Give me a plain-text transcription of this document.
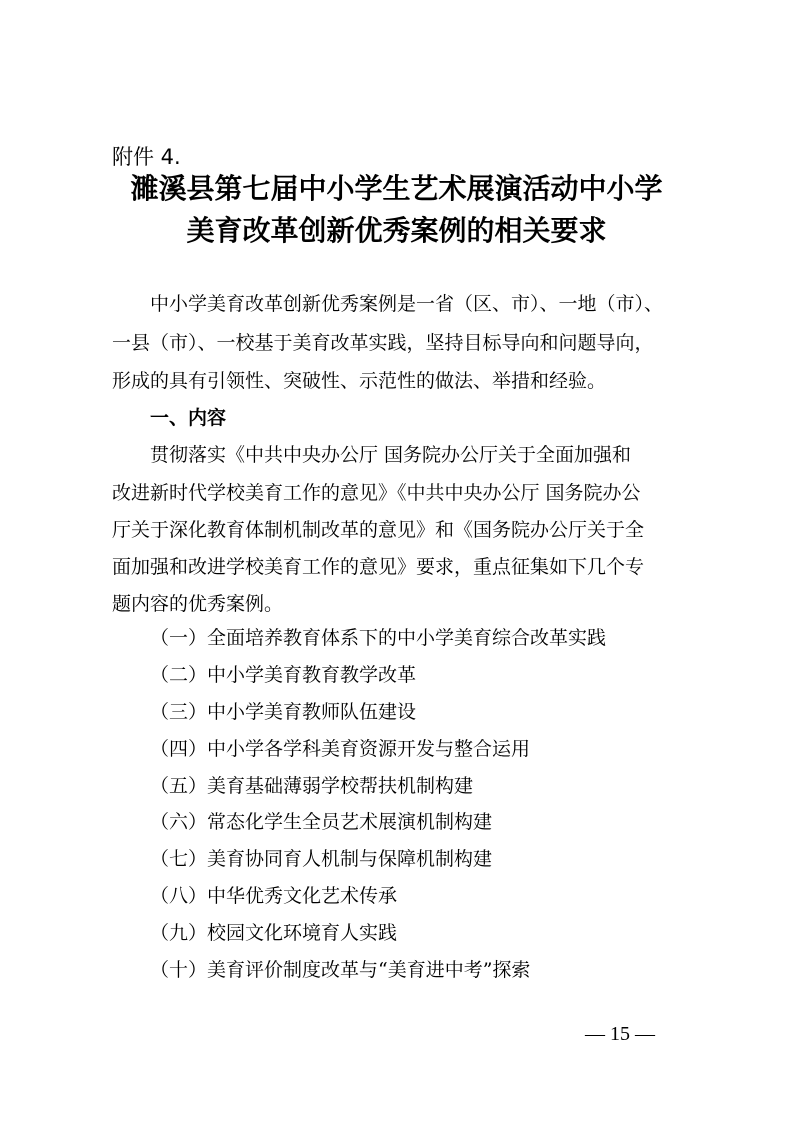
附件 4.
濉溪县第七届中小学生艺术展演活动中小学
美育改革创新优秀案例的相关要求
中小学美育改革创新优秀案例是一省（区、市）、一地（市）、
一县（市）、一校基于美育改革实践，坚持目标导向和问题导向，
形成的具有引领性、突破性、示范性的做法、举措和经验。
一、内容
贯彻落实《中共中央办公厅 国务院办公厅关于全面加强和
改进新时代学校美育工作的意见》《中共中央办公厅 国务院办公
厅关于深化教育体制机制改革的意见》和《国务院办公厅关于全
面加强和改进学校美育工作的意见》要求，重点征集如下几个专
题内容的优秀案例。
（一）全面培养教育体系下的中小学美育综合改革实践
（二）中小学美育教育教学改革
（三）中小学美育教师队伍建设
（四）中小学各学科美育资源开发与整合运用
（五）美育基础薄弱学校帮扶机制构建
（六）常态化学生全员艺术展演机制构建
（七）美育协同育人机制与保障机制构建
（八）中华优秀文化艺术传承
（九）校园文化环境育人实践
（十）美育评价制度改革与“美育进中考”探索
— 15 —
